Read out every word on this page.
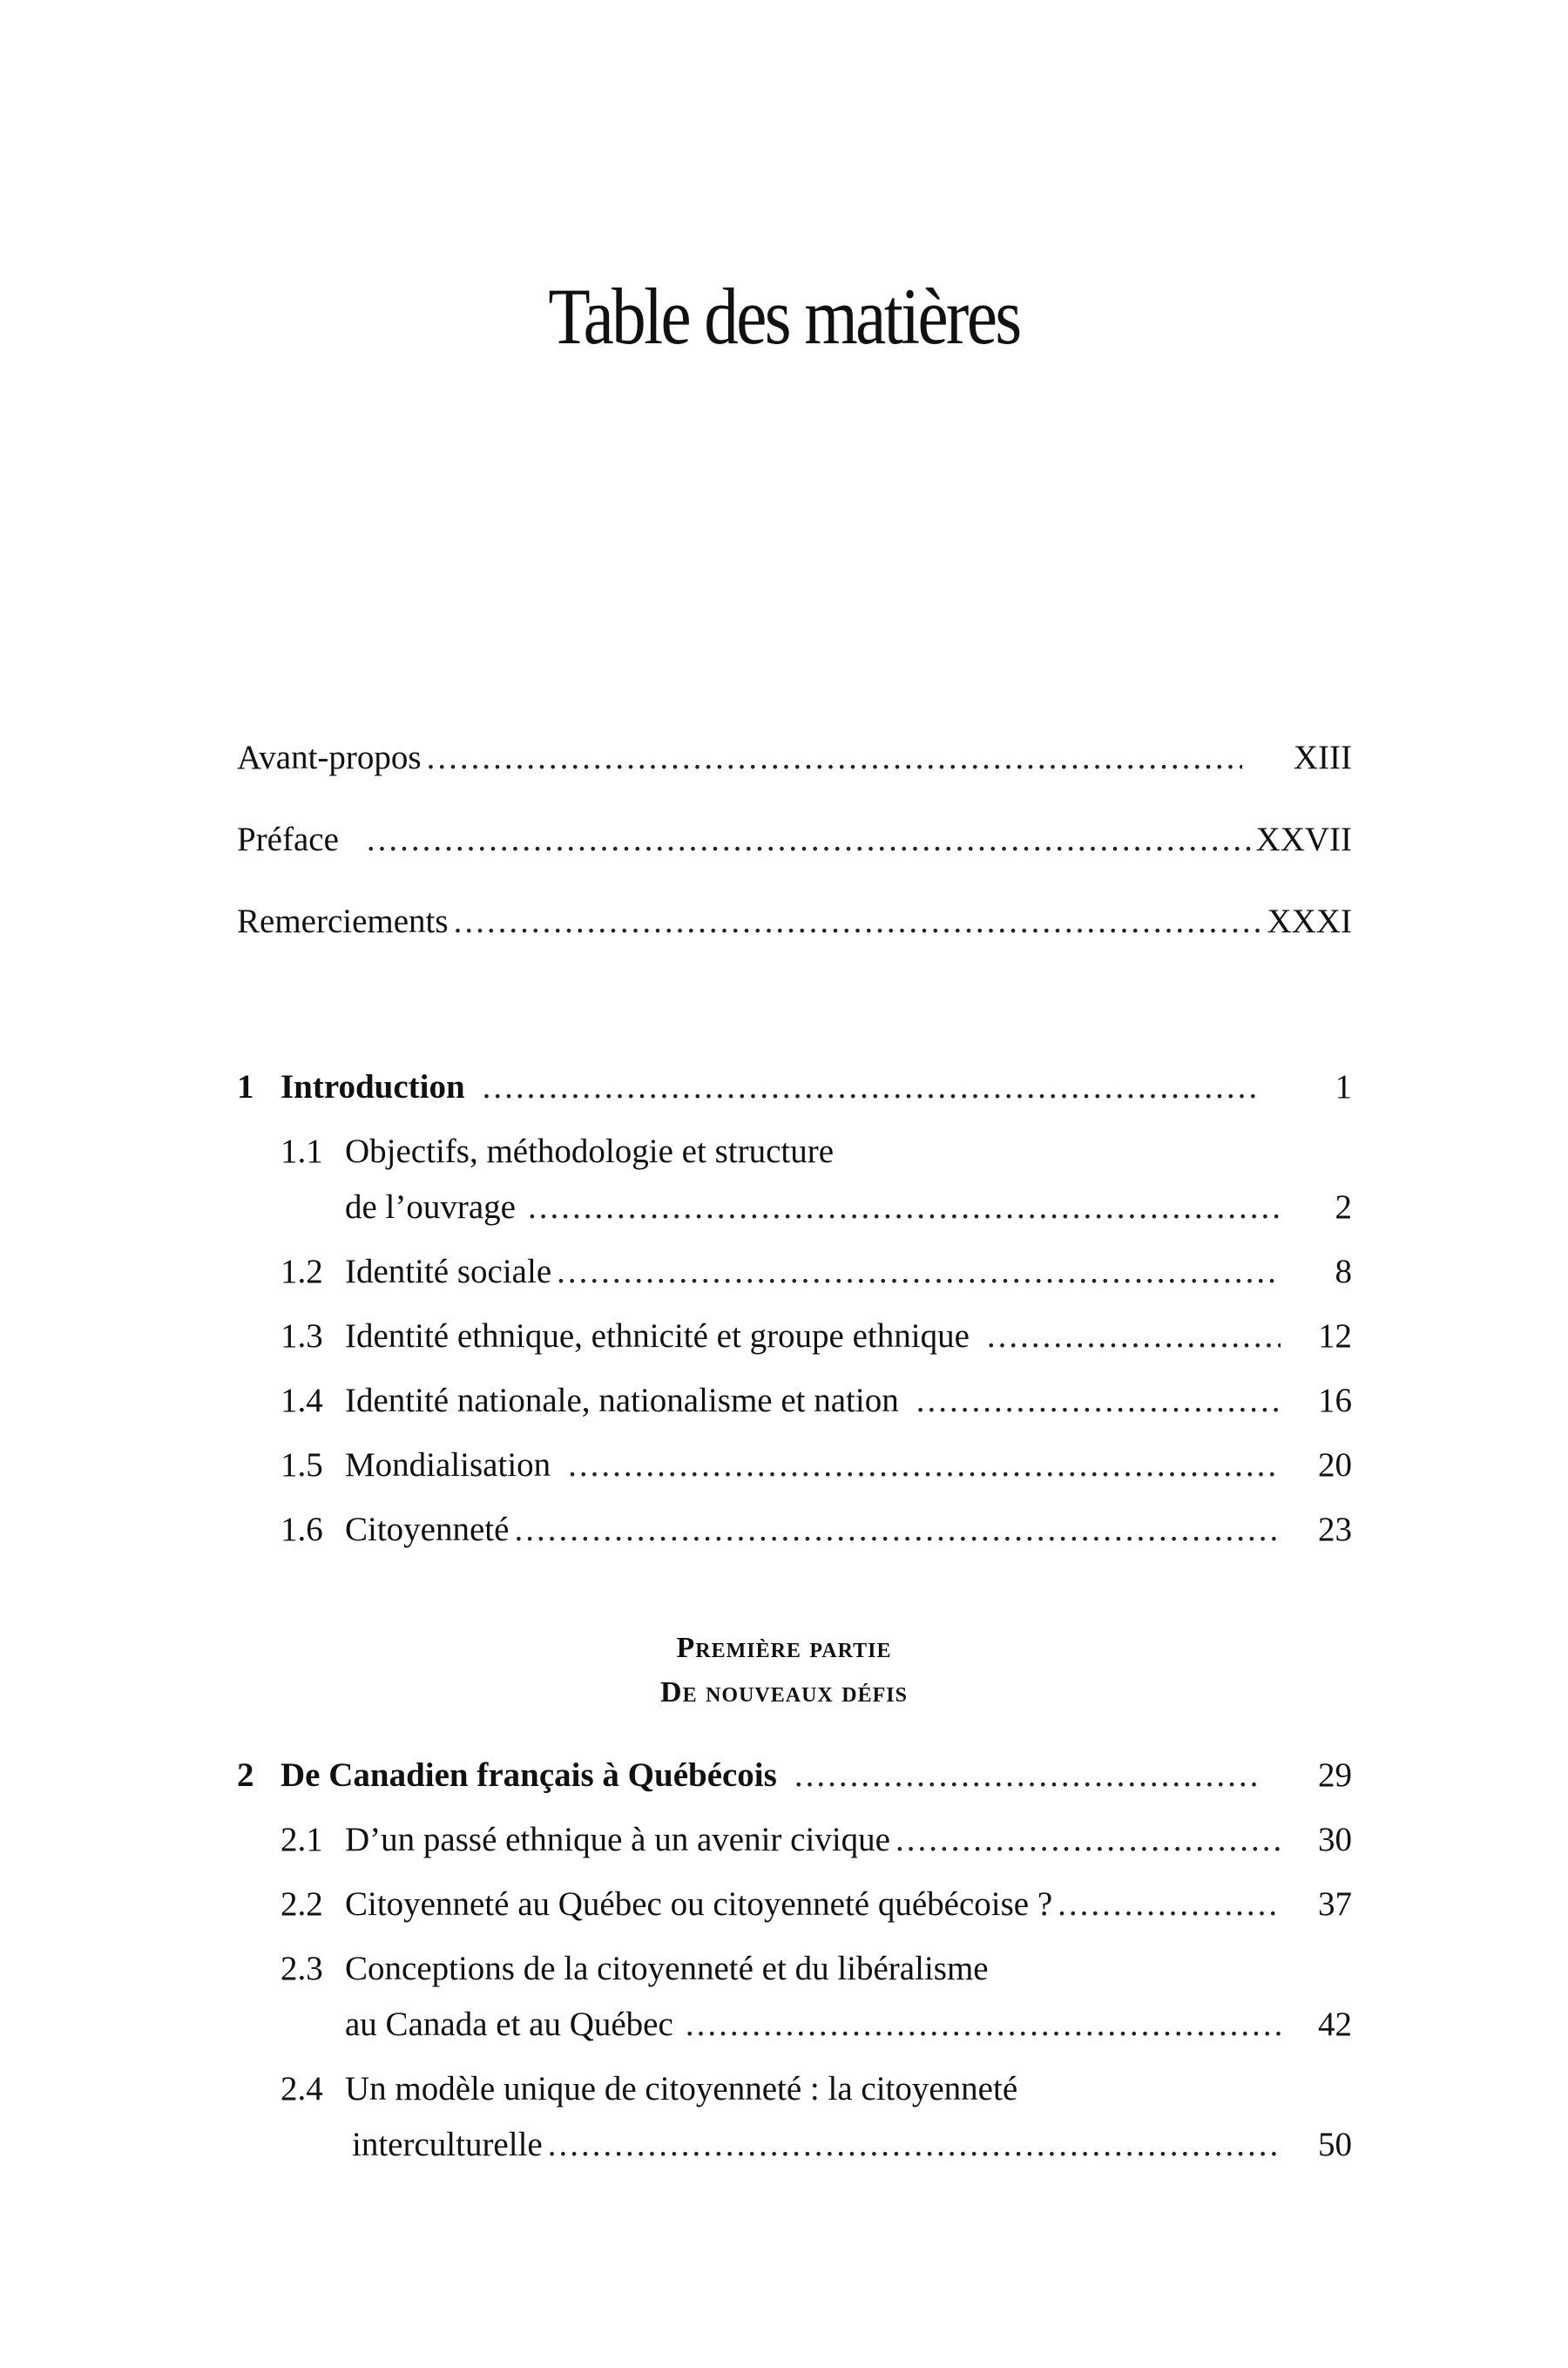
Table des matières
Avant-propos .....	XIII
Préface .....	XXVII
Remerciements .....	XXXI
1 Introduction .....	1
1.1 Objectifs, méthodologie et structure
de l’ouvrage .....	2
1.2 Identité sociale .....	8
1.3 Identité ethnique, ethnicité et groupe ethnique .....	12
1.4 Identité nationale, nationalisme et nation .....	16
1.5 Mondialisation .....	20
1.6 Citoyenneté .....	23
Première partie
De nouveaux défis
2 De Canadien français à Québécois .....	29
2.1 D’un passé ethnique à un avenir civique .....	30
2.2 Citoyenneté au Québec ou citoyenneté québécoise ? .....	37
2.3 Conceptions de la citoyenneté et du libéralisme
au Canada et au Québec .....	42
2.4 Un modèle unique de citoyenneté : la citoyenneté
interculturelle .....	50
